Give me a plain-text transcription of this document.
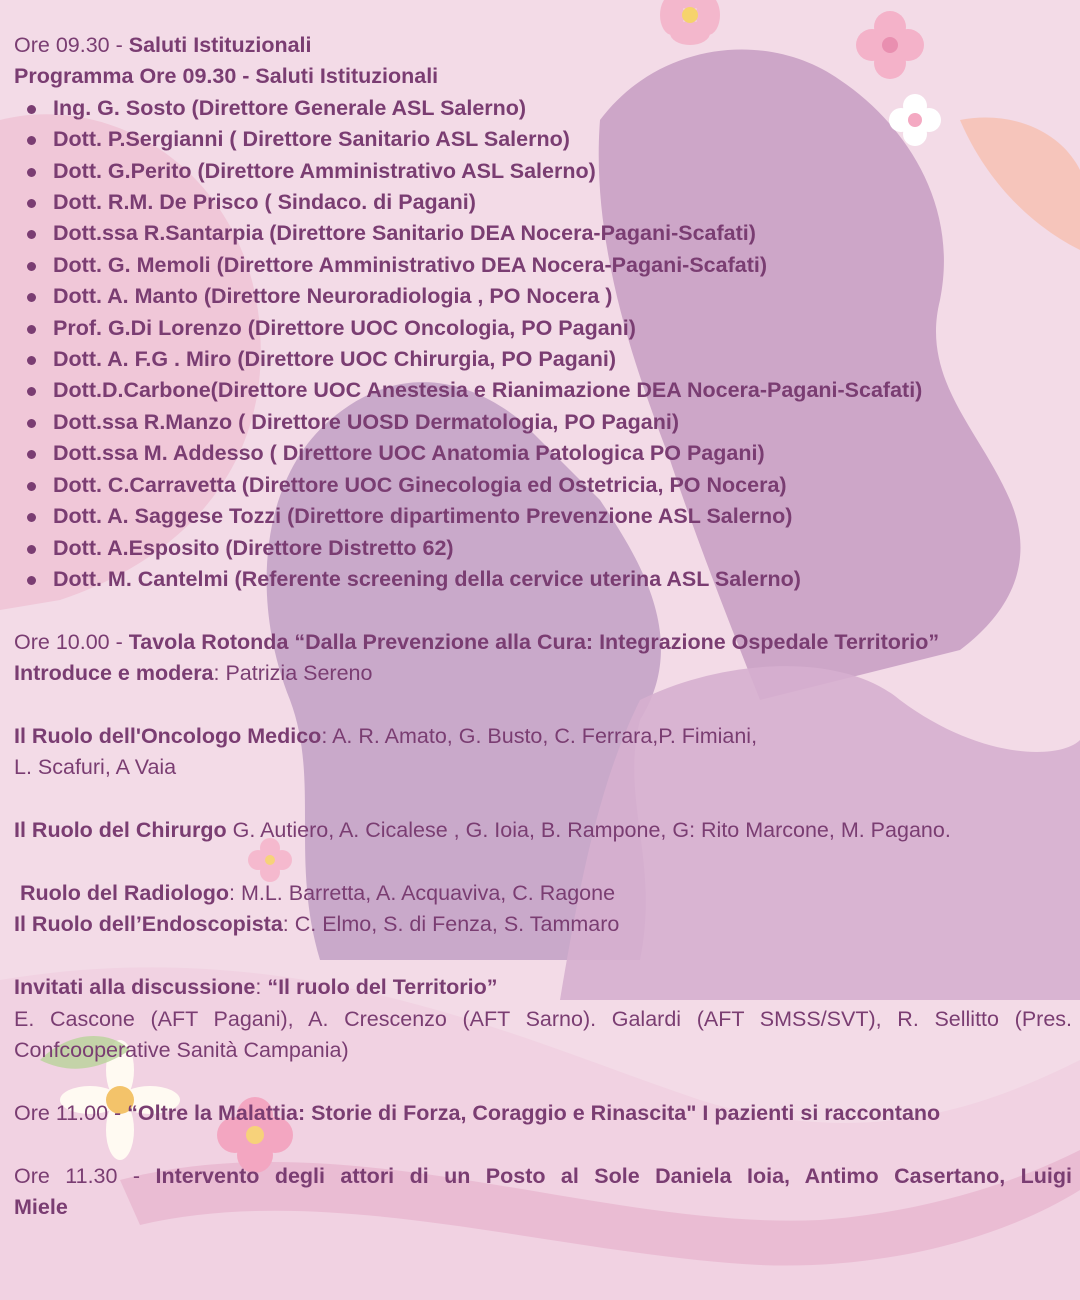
Ore 09.30 - Saluti Istituzionali
Programma Ore 09.30 - Saluti Istituzionali
Ing. G. Sosto (Direttore Generale ASL Salerno)
Dott. P.Sergianni ( Direttore Sanitario ASL Salerno)
Dott. G.Perito (Direttore Amministrativo ASL Salerno)
Dott. R.M. De Prisco ( Sindaco. di Pagani)
Dott.ssa R.Santarpia (Direttore Sanitario DEA Nocera-Pagani-Scafati)
Dott. G. Memoli (Direttore Amministrativo DEA Nocera-Pagani-Scafati)
Dott. A. Manto (Direttore Neuroradiologia , PO Nocera )
Prof. G.Di Lorenzo (Direttore UOC Oncologia, PO Pagani)
Dott. A. F.G . Miro (Direttore UOC Chirurgia, PO Pagani)
Dott.D.Carbone(Direttore UOC Anestesia e Rianimazione DEA Nocera-Pagani-Scafati)
Dott.ssa R.Manzo ( Direttore UOSD Dermatologia, PO Pagani)
Dott.ssa M. Addesso ( Direttore UOC Anatomia Patologica PO Pagani)
Dott. C.Carravetta (Direttore UOC Ginecologia ed Ostetricia, PO Nocera)
Dott. A. Saggese Tozzi (Direttore dipartimento Prevenzione ASL Salerno)
Dott. A.Esposito (Direttore Distretto 62)
Dott. M. Cantelmi (Referente screening della cervice uterina ASL Salerno)
Ore 10.00 - Tavola Rotonda “Dalla Prevenzione alla Cura: Integrazione Ospedale Territorio”
Introduce e modera: Patrizia Sereno
Il Ruolo dell'Oncologo Medico: A. R. Amato, G. Busto, C. Ferrara,P. Fimiani,
L. Scafuri, A Vaia
Il Ruolo del Chirurgo G. Autiero, A. Cicalese , G. Ioia, B. Rampone, G: Rito Marcone, M. Pagano.
Ruolo del Radiologo: M.L. Barretta, A. Acquaviva, C. Ragone
Il Ruolo dell’Endoscopista: C. Elmo, S. di Fenza, S. Tammaro
Invitati alla discussione: “Il ruolo del Territorio”
E. Cascone (AFT Pagani), A. Crescenzo (AFT Sarno). Galardi (AFT SMSS/SVT), R. Sellitto (Pres. Confcooperative Sanità Campania)
Ore 11.00 - “Oltre la Malattia: Storie di Forza, Coraggio e Rinascita" I pazienti si raccontano
Ore 11.30 - Intervento degli attori di un Posto al Sole Daniela Ioia, Antimo Casertano, Luigi
Miele
